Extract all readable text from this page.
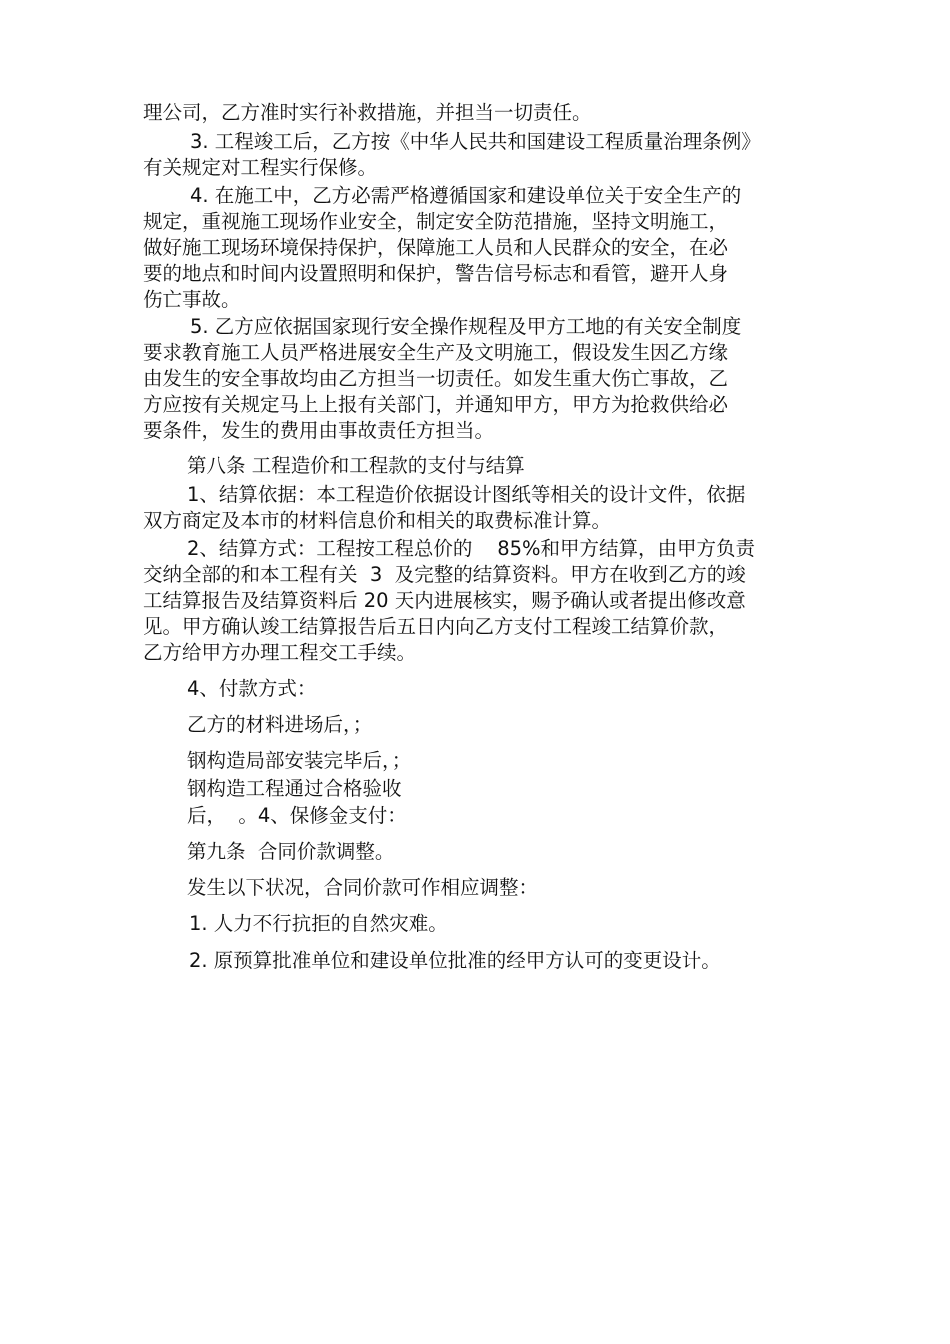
理公司，乙方准时实行补救措施，并担当一切责任。

3. 工程竣工后，乙方按《中华人民共和国建设工程质量治理条例》
有关规定对工程实行保修。

4. 在施工中，乙方必需严格遵循国家和建设单位关于安全生产的
规定，重视施工现场作业安全，制定安全防范措施，坚持文明施工，
做好施工现场环境保持保护，保障施工人员和人民群众的安全，在必
要的地点和时间内设置照明和保护，警告信号标志和看管，避开人身
伤亡事故。

5. 乙方应依据国家现行安全操作规程及甲方工地的有关安全制度
要求教育施工人员严格进展安全生产及文明施工，假设发生因乙方缘
由发生的安全事故均由乙方担当一切责任。如发生重大伤亡事故，乙
方应按有关规定马上上报有关部门，并通知甲方，甲方为抢救供给必
要条件，发生的费用由事故责任方担当。

第八条 工程造价和工程款的支付与结算

1、结算依据：本工程造价依据设计图纸等相关的设计文件，依据
双方商定及本市的材料信息价和相关的取费标准计算。

2、结算方式：工程按工程总价的    85%和甲方结算，由甲方负责
交纳全部的和本工程有关  3  及完整的结算资料。甲方在收到乙方的竣
工结算报告及结算资料后 20 天内进展核实，赐予确认或者提出修改意
见。甲方确认竣工结算报告后五日内向乙方支付工程竣工结算价款，
乙方给甲方办理工程交工手续。

4、付款方式：

乙方的材料进场后，；

钢构造局部安装完毕后，；

钢构造工程通过合格验收

后，  。4、保修金支付：

第九条  合同价款调整。

发生以下状况，合同价款可作相应调整：

1. 人力不行抗拒的自然灾难。

2. 原预算批准单位和建设单位批准的经甲方认可的变更设计。
